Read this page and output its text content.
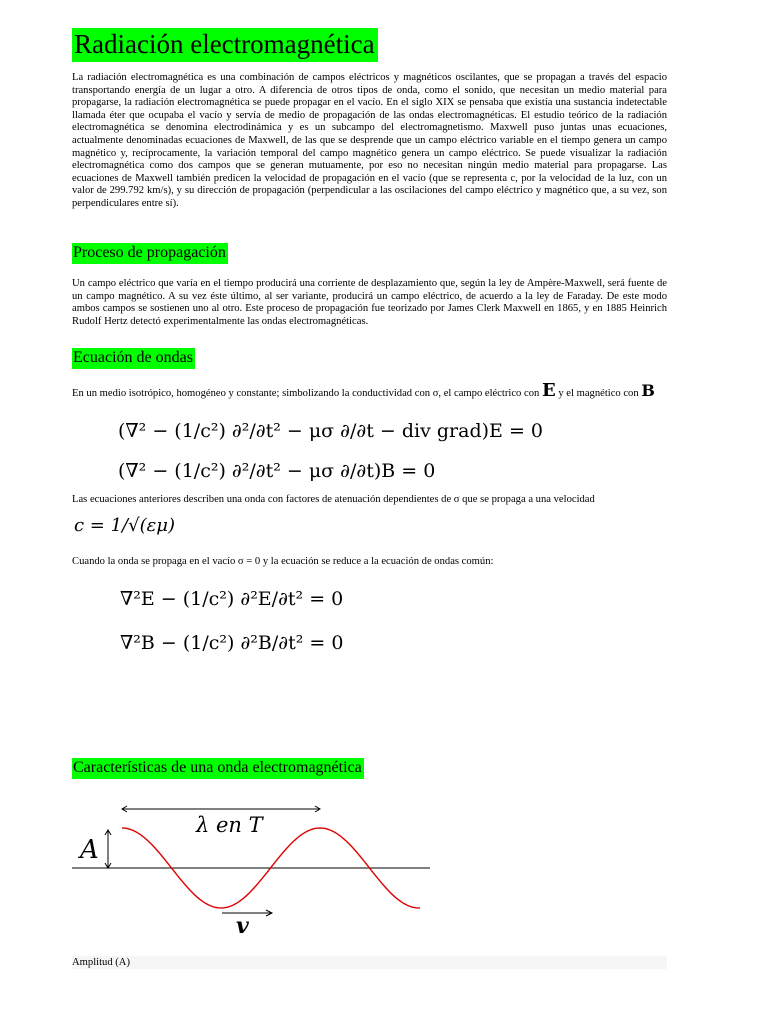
Radiación electromagnética

La radiación electromagnética es una combinación de campos eléctricos y magnéticos oscilantes, que se propagan a través del espacio transportando energía de un lugar a otro. A diferencia de otros tipos de onda, como el sonido, que necesitan un medio material para propagarse, la radiación electromagnética se puede propagar en el vacío. En el siglo XIX se pensaba que existía una sustancia indetectable llamada éter que ocupaba el vacío y servía de medio de propagación de las ondas electromagnéticas. El estudio teórico de la radiación electromagnética se denomina electrodinámica y es un subcampo del electromagnetismo. Maxwell puso juntas unas ecuaciones, actualmente denominadas ecuaciones de Maxwell, de las que se desprende que un campo eléctrico variable en el tiempo genera un campo magnético y, recíprocamente, la variación temporal del campo magnético genera un campo eléctrico. Se puede visualizar la radiación electromagnética como dos campos que se generan mutuamente, por eso no necesitan ningún medio material para propagarse. Las ecuaciones de Maxwell también predicen la velocidad de propagación en el vacío (que se representa c, por la velocidad de la luz, con un valor de 299.792 km/s), y su dirección de propagación (perpendicular a las oscilaciones del campo eléctrico y magnético que, a su vez, son perpendiculares entre sí).

Proceso de propagación

Un campo eléctrico que varía en el tiempo producirá una corriente de desplazamiento que, según la ley de Ampère-Maxwell, será fuente de un campo magnético. A su vez éste último, al ser variante, producirá un campo eléctrico, de acuerdo a la ley de Faraday. De este modo ambos campos se sostienen uno al otro. Este proceso de propagación fue teorizado por James Clerk Maxwell en 1865, y en 1885 Heinrich Rudolf Hertz detectó experimentalmente las ondas electromagnéticas.

Ecuación de ondas

En un medio isotrópico, homogéneo y constante; simbolizando la conductividad con σ, el campo eléctrico con E y el magnético con B

(∇² − (1/c²) ∂²/∂t² − μσ ∂/∂t − div grad)E = 0
(∇² − (1/c²) ∂²/∂t² − μσ ∂/∂t)B = 0

Las ecuaciones anteriores describen una onda con factores de atenuación dependientes de σ que se propaga a una velocidad

c = 1/√(εμ)

Cuando la onda se propaga en el vacío σ = 0 y la ecuación se reduce a la ecuación de ondas común:

∇²E − (1/c²) ∂²E/∂t² = 0
∇²B − (1/c²) ∂²B/∂t² = 0
Características de una onda electromagnética
λ en T
A
v
Amplitud (A)
